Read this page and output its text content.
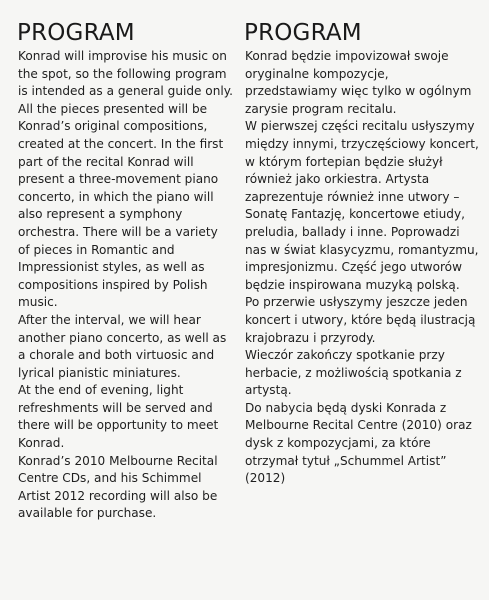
PROGRAM

Konrad will improvise his music on
the spot, so the following program
is intended as a general guide only.

All the pieces presented will be
Konrad’s original compositions,
created at the concert. In the first
part of the recital Konrad will
present a three-movement piano
concerto, in which the piano will
also represent a symphony
orchestra. There will be a variety
of pieces in Romantic and
Impressionist styles, as well as
compositions inspired by Polish
music.

After the interval, we will hear
another piano concerto, as well as
a chorale and both virtuosic and
lyrical pianistic miniatures.

At the end of evening, light
refreshments will be served and
there will be opportunity to meet
Konrad.

Konrad’s 2010 Melbourne Recital
Centre CDs, and his Schimmel
Artist 2012 recording will also be
available for purchase.

PROGRAM

Konrad będzie impovizował swoje
oryginalne kompozycje,
przedstawiamy więc tylko w ogólnym
zarysie program recitalu.

W pierwszej części recitalu usłyszymy
między innymi, trzyczęściowy koncert,
w którym fortepian będzie służył
również jako orkiestra. Artysta
zaprezentuje również inne utwory –
Sonatę Fantazję, koncertowe etiudy,
preludia, ballady i inne. Poprowadzi
nas w świat klasycyzmu, romantyzmu,
impresjonizmu. Część jego utworów
będzie inspirowana muzyką polską.

Po przerwie usłyszymy jeszcze jeden
koncert i utwory, które będą ilustracją
krajobrazu i przyrody.

Wieczór zakończy spotkanie przy
herbacie, z możliwością spotkania z
artystą.

Do nabycia będą dyski Konrada z
Melbourne Recital Centre (2010) oraz
dysk z kompozycjami, za które
otrzymał tytuł „Schummel Artist”
(2012)
